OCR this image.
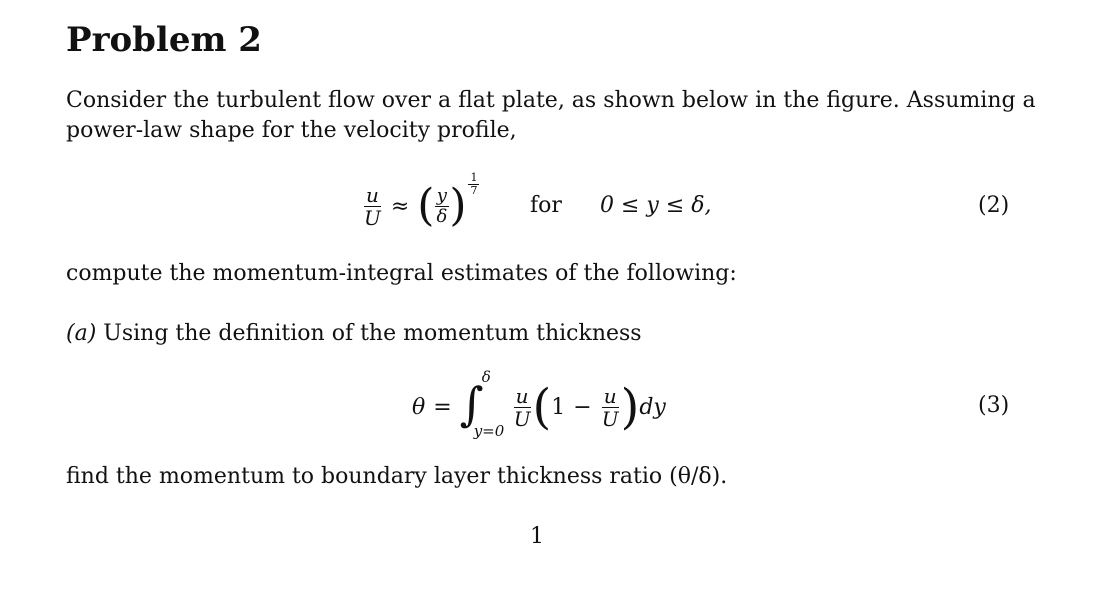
Problem 2
Consider the turbulent flow over a flat plate, as shown below in the figure. Assuming a
power-law shape for the velocity profile,
$\frac{u}{U}$ ≈ ( $\frac{y}{\delta}$ ) $\frac{1}{7}$
for 0 ≤ y ≤ δ,	(2)
compute the momentum-integral estimates of the following:
(a) Using the definition of the momentum thickness
θ = ∫
δ
y=0
$\frac{u}{U}$ ( $1 - \frac{u}{U}$ ) dy	(3)
find the momentum to boundary layer thickness ratio (θ/δ).
1
